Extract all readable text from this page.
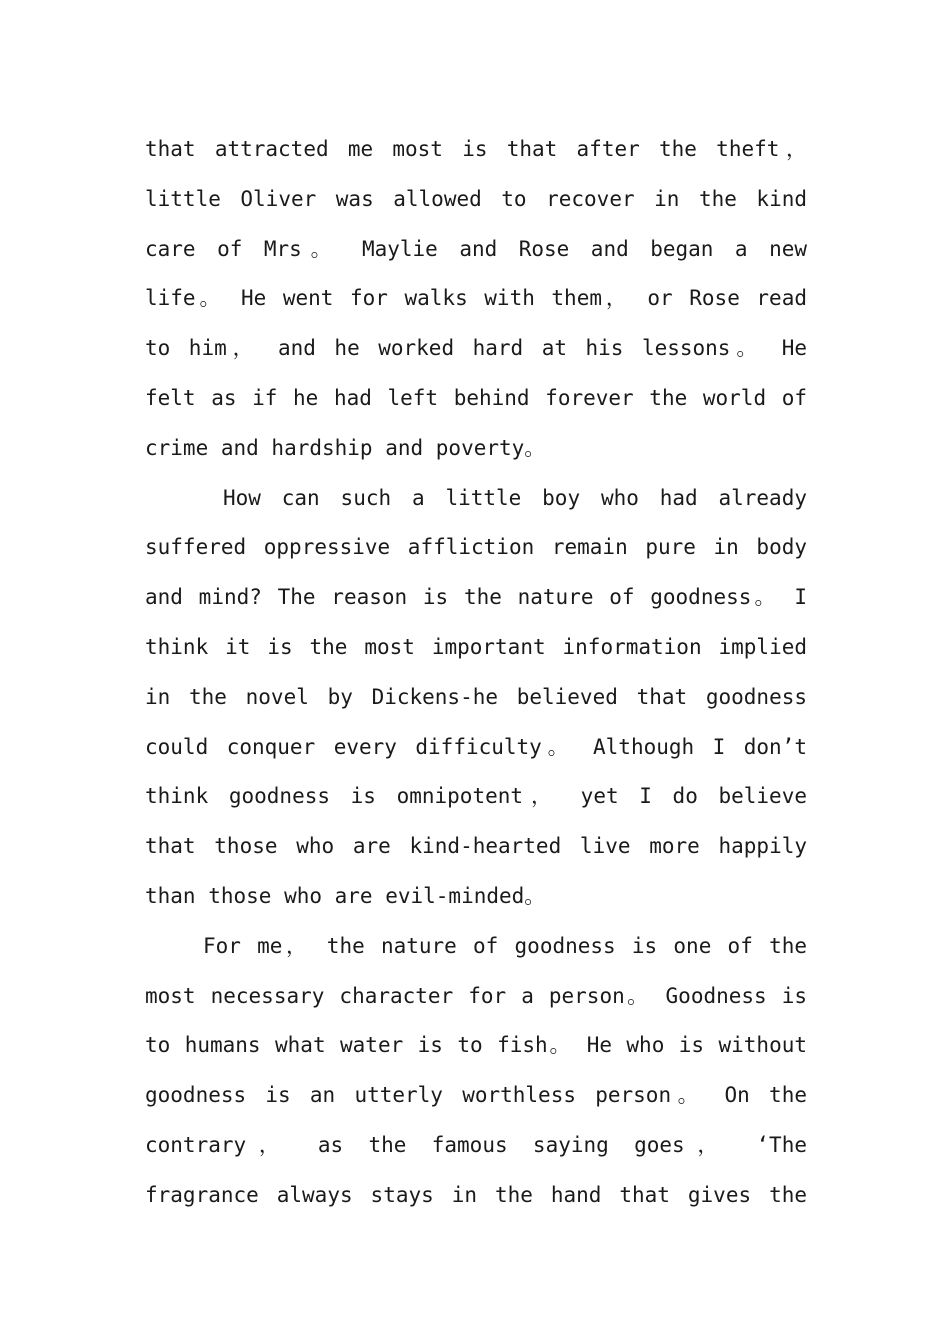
that attracted me most is that after the theft，
little Oliver was allowed to recover in the kind
care of Mrs。 Maylie and Rose and began a new
life。 He went for walks with them， or Rose read
to him， and he worked hard at his lessons。 He
felt as if he had left behind forever the world of
crime and hardship and poverty。
How can such a little boy who had already
suffered oppressive affliction remain pure in body
and mind? The reason is the nature of goodness。 I
think it is the most important information implied
in the novel by Dickens-he believed that goodness
could conquer every difficulty。 Although I don’t
think goodness is omnipotent， yet I do believe
that those who are kind-hearted live more happily
than those who are evil-minded。
For me， the nature of goodness is one of the
most necessary character for a person。 Goodness is
to humans what water is to fish。 He who is without
goodness is an utterly worthless person。 On the
contrary， as the famous saying goes， ‘The
fragrance always stays in the hand that gives the
